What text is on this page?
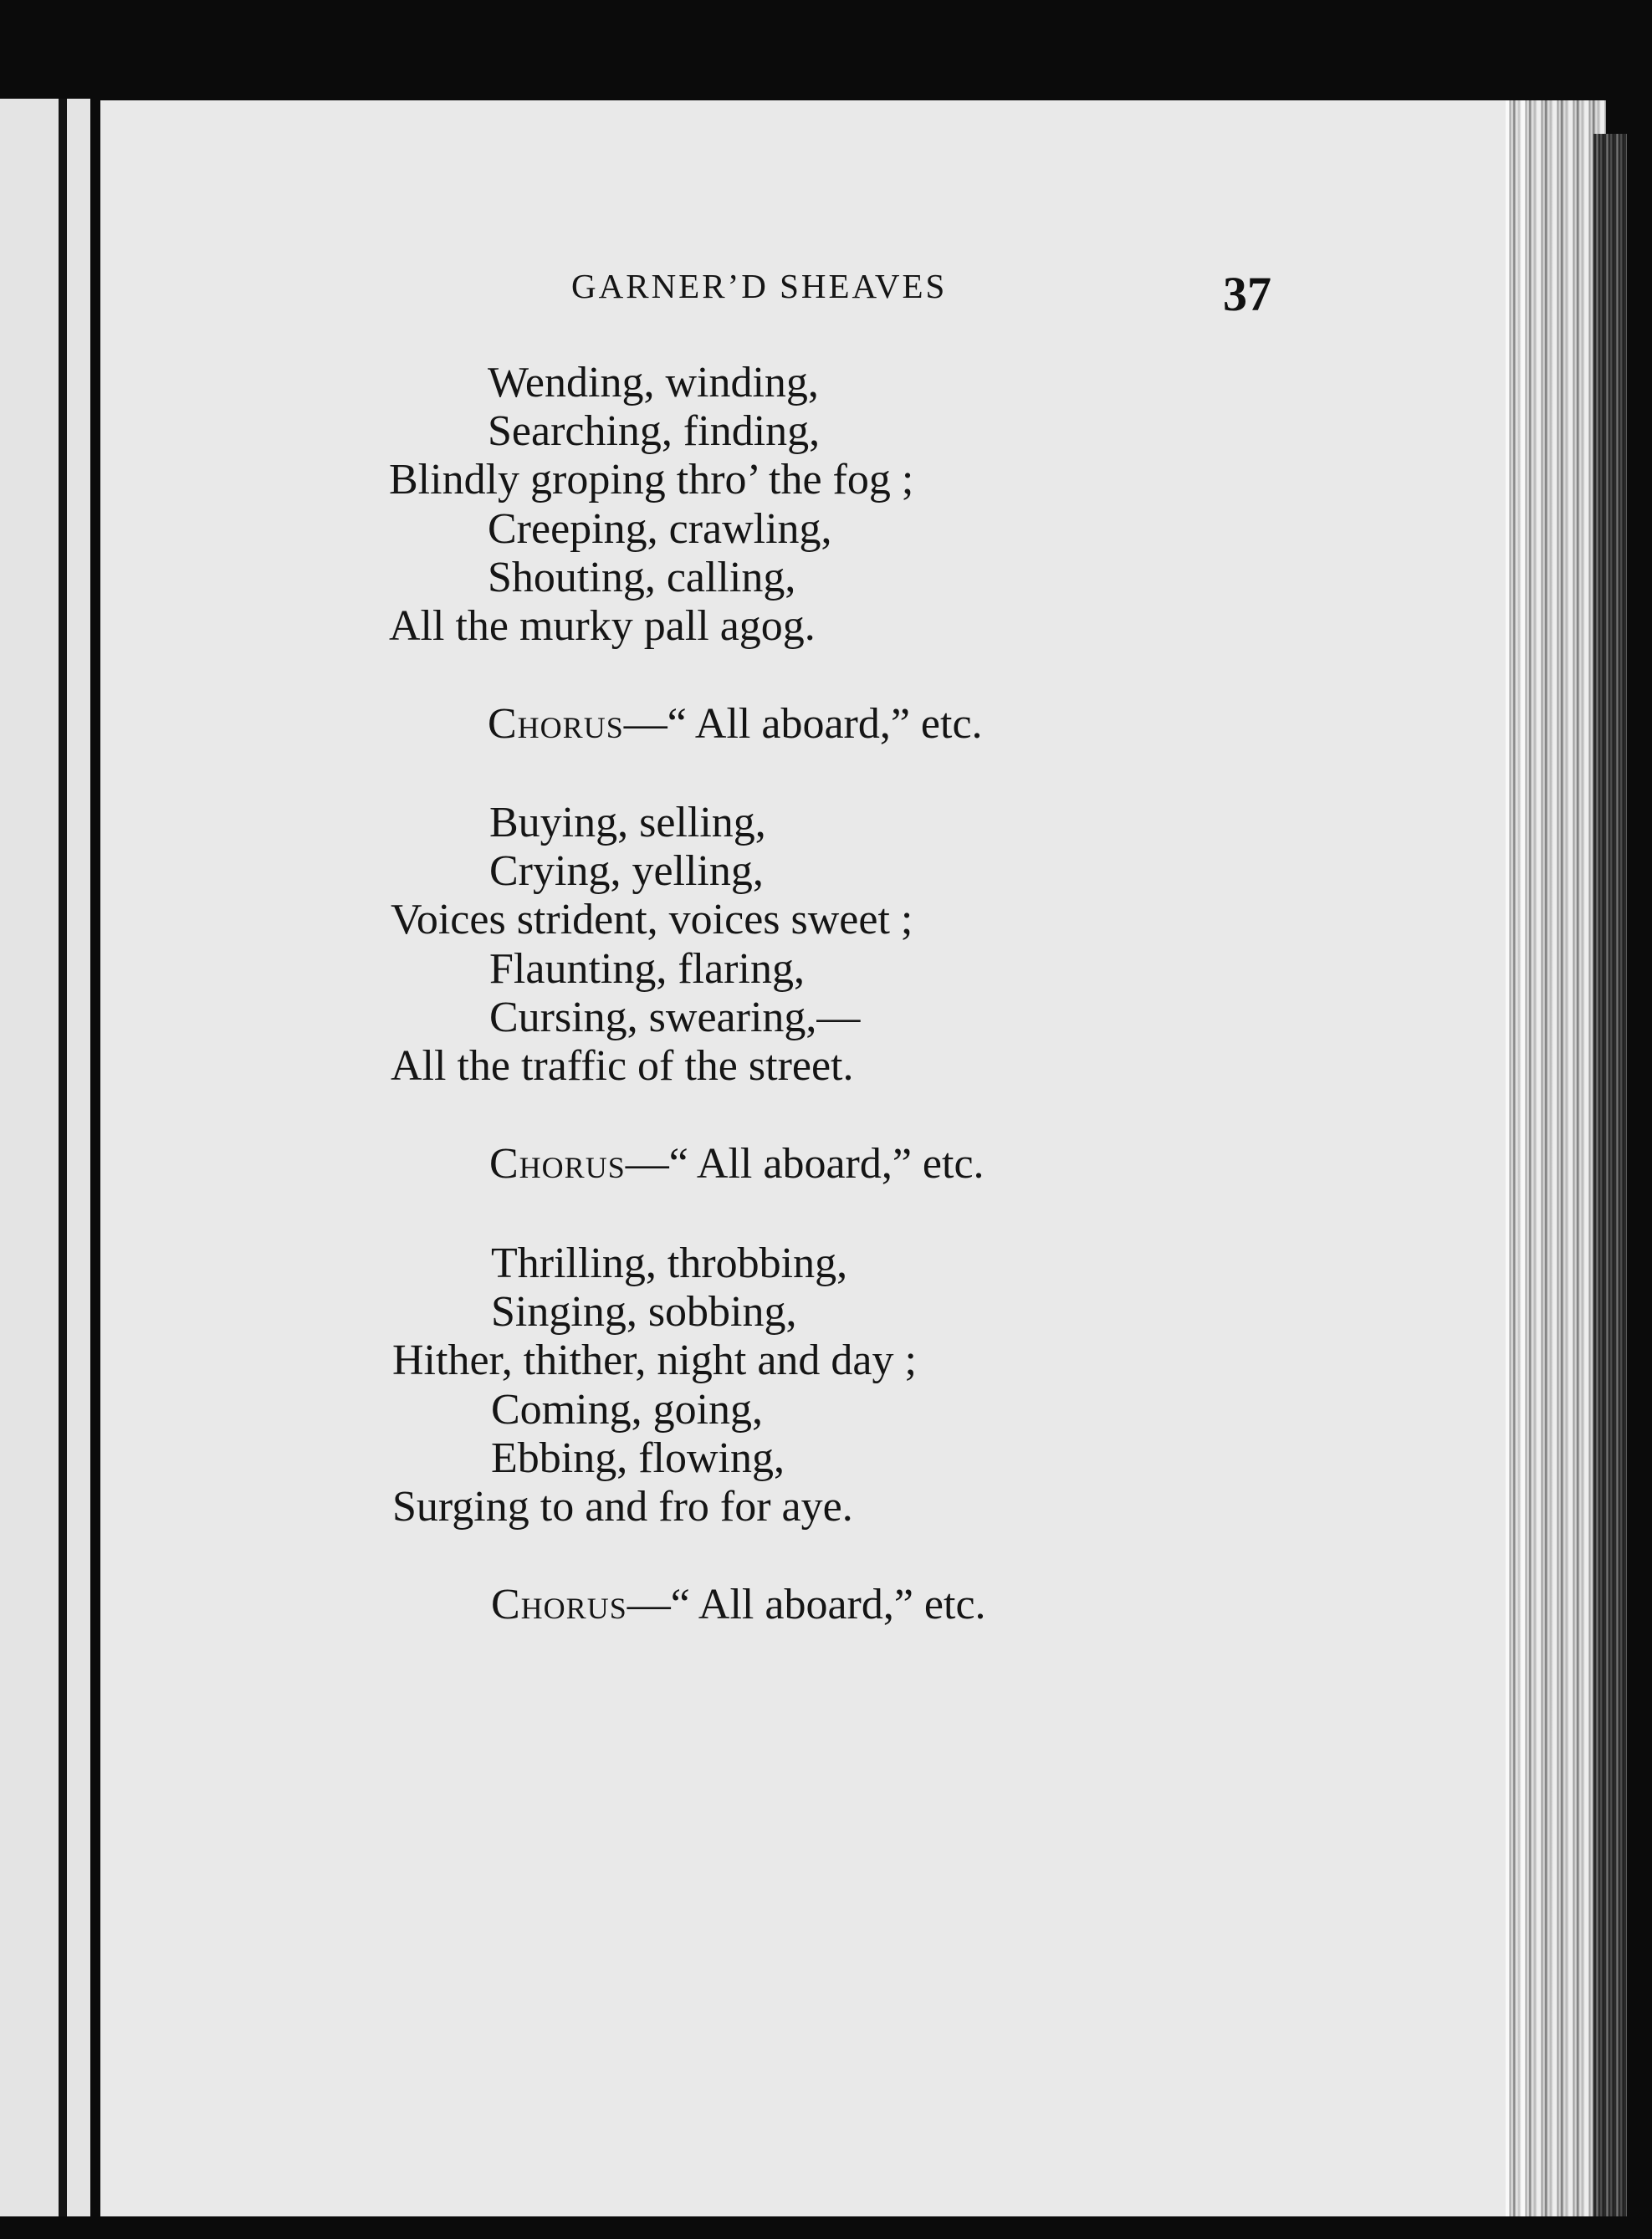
GARNER’D SHEAVES	37
Wending, winding,
Searching, finding,
Blindly groping thro’ the fog ;
Creeping, crawling,
Shouting, calling,
All the murky pall agog.
Chorus—“ All aboard,” etc.
Buying, selling,
Crying, yelling,
Voices strident, voices sweet ;
Flaunting, flaring,
Cursing, swearing,—
All the traffic of the street.
Chorus—“ All aboard,” etc.
Thrilling, throbbing,
Singing, sobbing,
Hither, thither, night and day ;
Coming, going,
Ebbing, flowing,
Surging to and fro for aye.
Chorus—“ All aboard,” etc.
